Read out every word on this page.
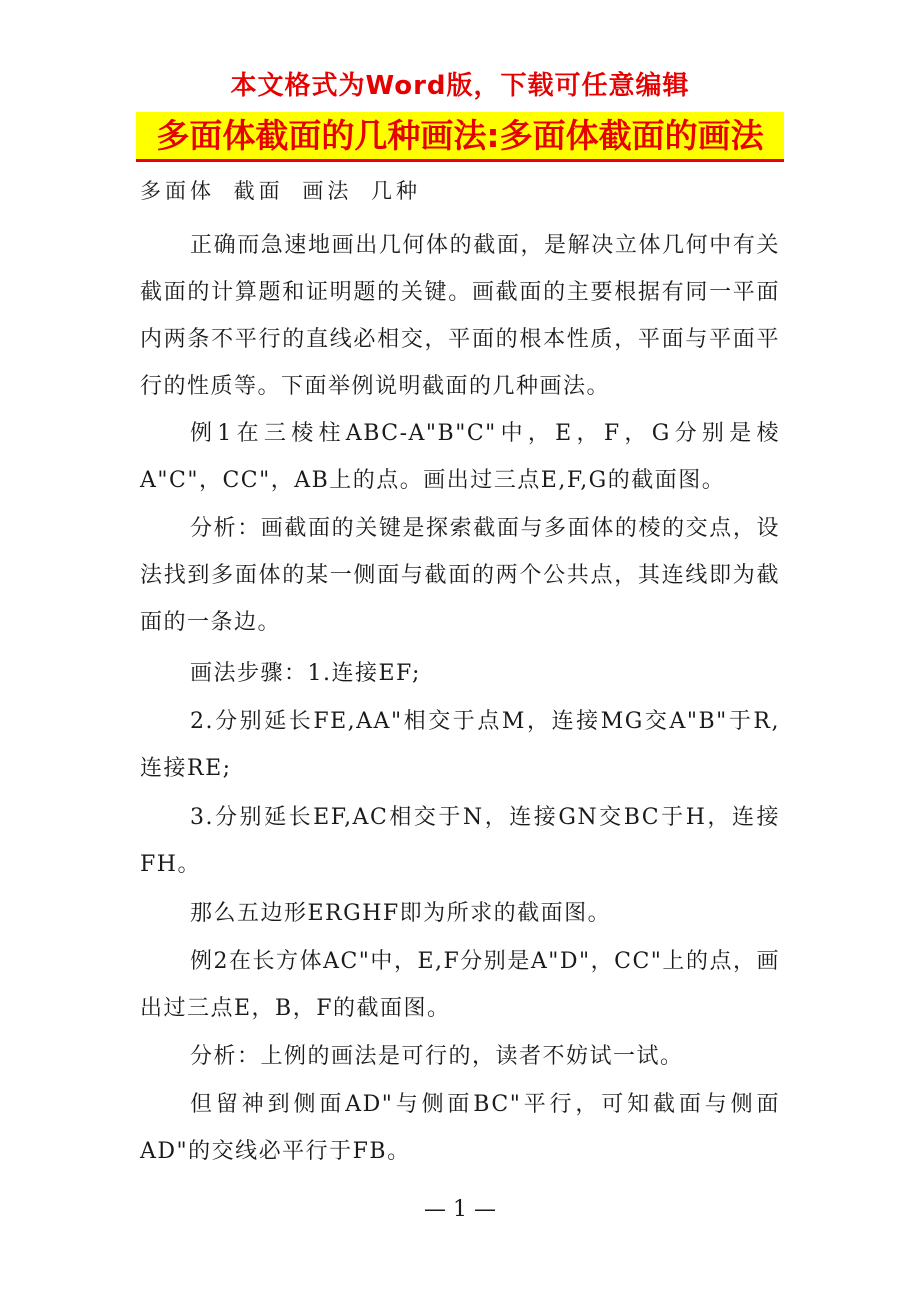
本文格式为Word版，下载可任意编辑
多面体截面的几种画法:多面体截面的画法
多面体 截面 画法 几种

正确而急速地画出几何体的截面，是解决立体几何中有关截面的计算题和证明题的关键。画截面的主要根据有同一平面内两条不平行的直线必相交，平面的根本性质，平面与平面平行的性质等。下面举例说明截面的几种画法。

例1在三棱柱ABC-A"B"C"中，E，F，G分别是棱A"C"，CC"，AB上的点。画出过三点E,F,G的截面图。

分析：画截面的关键是探索截面与多面体的棱的交点，设法找到多面体的某一侧面与截面的两个公共点，其连线即为截面的一条边。

画法步骤：1.连接EF;

2.分别延长FE,AA"相交于点M，连接MG交A"B"于R,连接RE;

3.分别延长EF,AC相交于N，连接GN交BC于H，连接FH。

那么五边形ERGHF即为所求的截面图。

例2在长方体AC"中，E,F分别是A"D"，CC"上的点，画出过三点E，B，F的截面图。

分析：上例的画法是可行的，读者不妨试一试。

但留神到侧面AD"与侧面BC"平行，可知截面与侧面AD"的交线必平行于FB。

— 1 —
